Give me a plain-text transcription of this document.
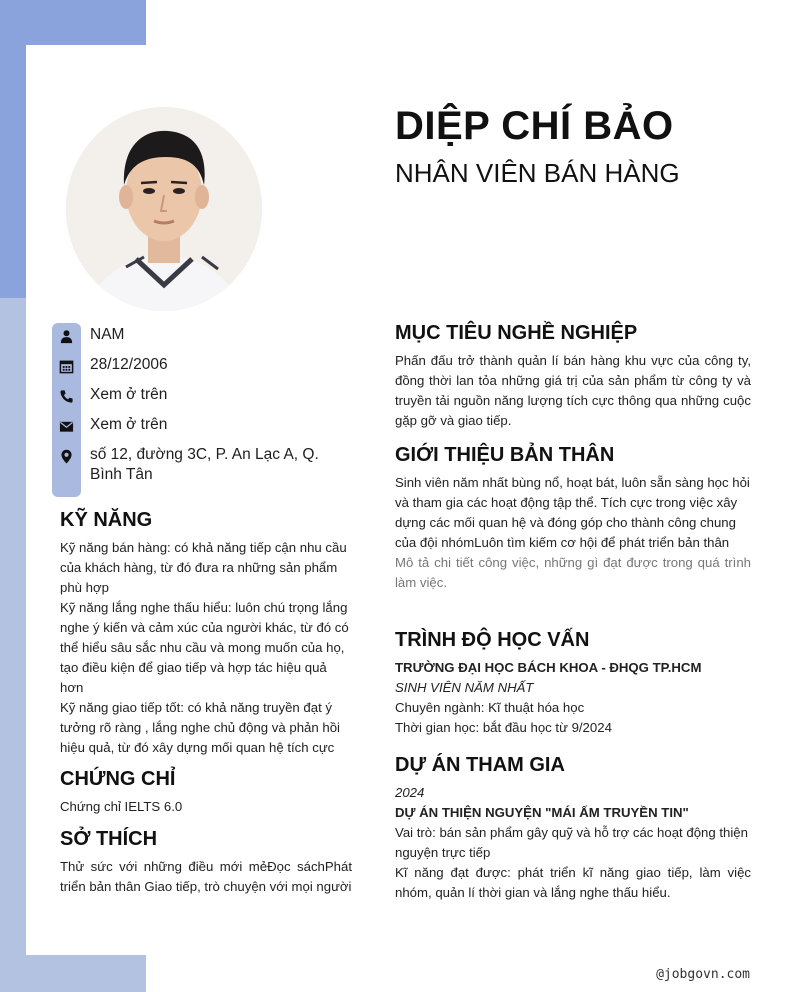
DIỆP CHÍ BẢO
NHÂN VIÊN BÁN HÀNG
NAM
28/12/2006
Xem ở trên
Xem ở trên
số 12, đường 3C, P. An Lạc A, Q. Bình Tân
KỸ NĂNG
Kỹ năng bán hàng: có khả năng tiếp cận nhu cầu của khách hàng, từ đó đưa ra những sản phẩm phù hợp
Kỹ năng lắng nghe thấu hiểu: luôn chú trọng lắng nghe ý kiến và cảm xúc của người khác, từ đó có thể hiểu sâu sắc nhu cầu và mong muốn của họ, tạo điều kiện để giao tiếp và hợp tác hiệu quả hơn
Kỹ năng giao tiếp tốt: có khả năng truyền đạt ý tưởng rõ ràng , lắng nghe chủ động và phản hồi hiệu quả, từ đó xây dựng mối quan hệ tích cực
CHỨNG CHỈ
Chứng chỉ IELTS 6.0
SỞ THÍCH
Thử sức với những điều mới mẻĐọc sáchPhát triển bản thân Giao tiếp, trò chuyện với mọi người
MỤC TIÊU NGHỀ NGHIỆP
Phấn đấu trở thành quản lí bán hàng khu vực của công ty, đồng thời lan tỏa những giá trị của sản phẩm từ công ty và truyền tải nguồn năng lượng tích cực thông qua những cuộc gặp gỡ và giao tiếp.
GIỚI THIỆU BẢN THÂN
Sinh viên năm nhất bùng nổ, hoạt bát, luôn sẵn sàng học hỏi và tham gia các hoạt động tập thể. Tích cực trong việc xây dựng các mối quan hệ và đóng góp cho thành công chung của đội nhómLuôn tìm kiếm cơ hội để phát triển bản thân
Mô tả chi tiết công việc, những gì đạt được trong quá trình làm việc.
TRÌNH ĐỘ HỌC VẤN
TRƯỜNG ĐẠI HỌC BÁCH KHOA - ĐHQG TP.HCM
SINH VIÊN NĂM NHẤT
Chuyên ngành: Kĩ thuật hóa học
Thời gian học: bắt đầu học từ 9/2024
DỰ ÁN THAM GIA
2024
DỰ ÁN THIỆN NGUYỆN "MÁI ẤM TRUYỀN TIN"
Vai trò: bán sản phẩm gây quỹ và hỗ trợ các hoạt động thiện nguyện trực tiếp
Kĩ năng đạt được: phát triển kĩ năng giao tiếp, làm việc nhóm, quản lí thời gian và lắng nghe thấu hiểu.
@jobgovn.com
